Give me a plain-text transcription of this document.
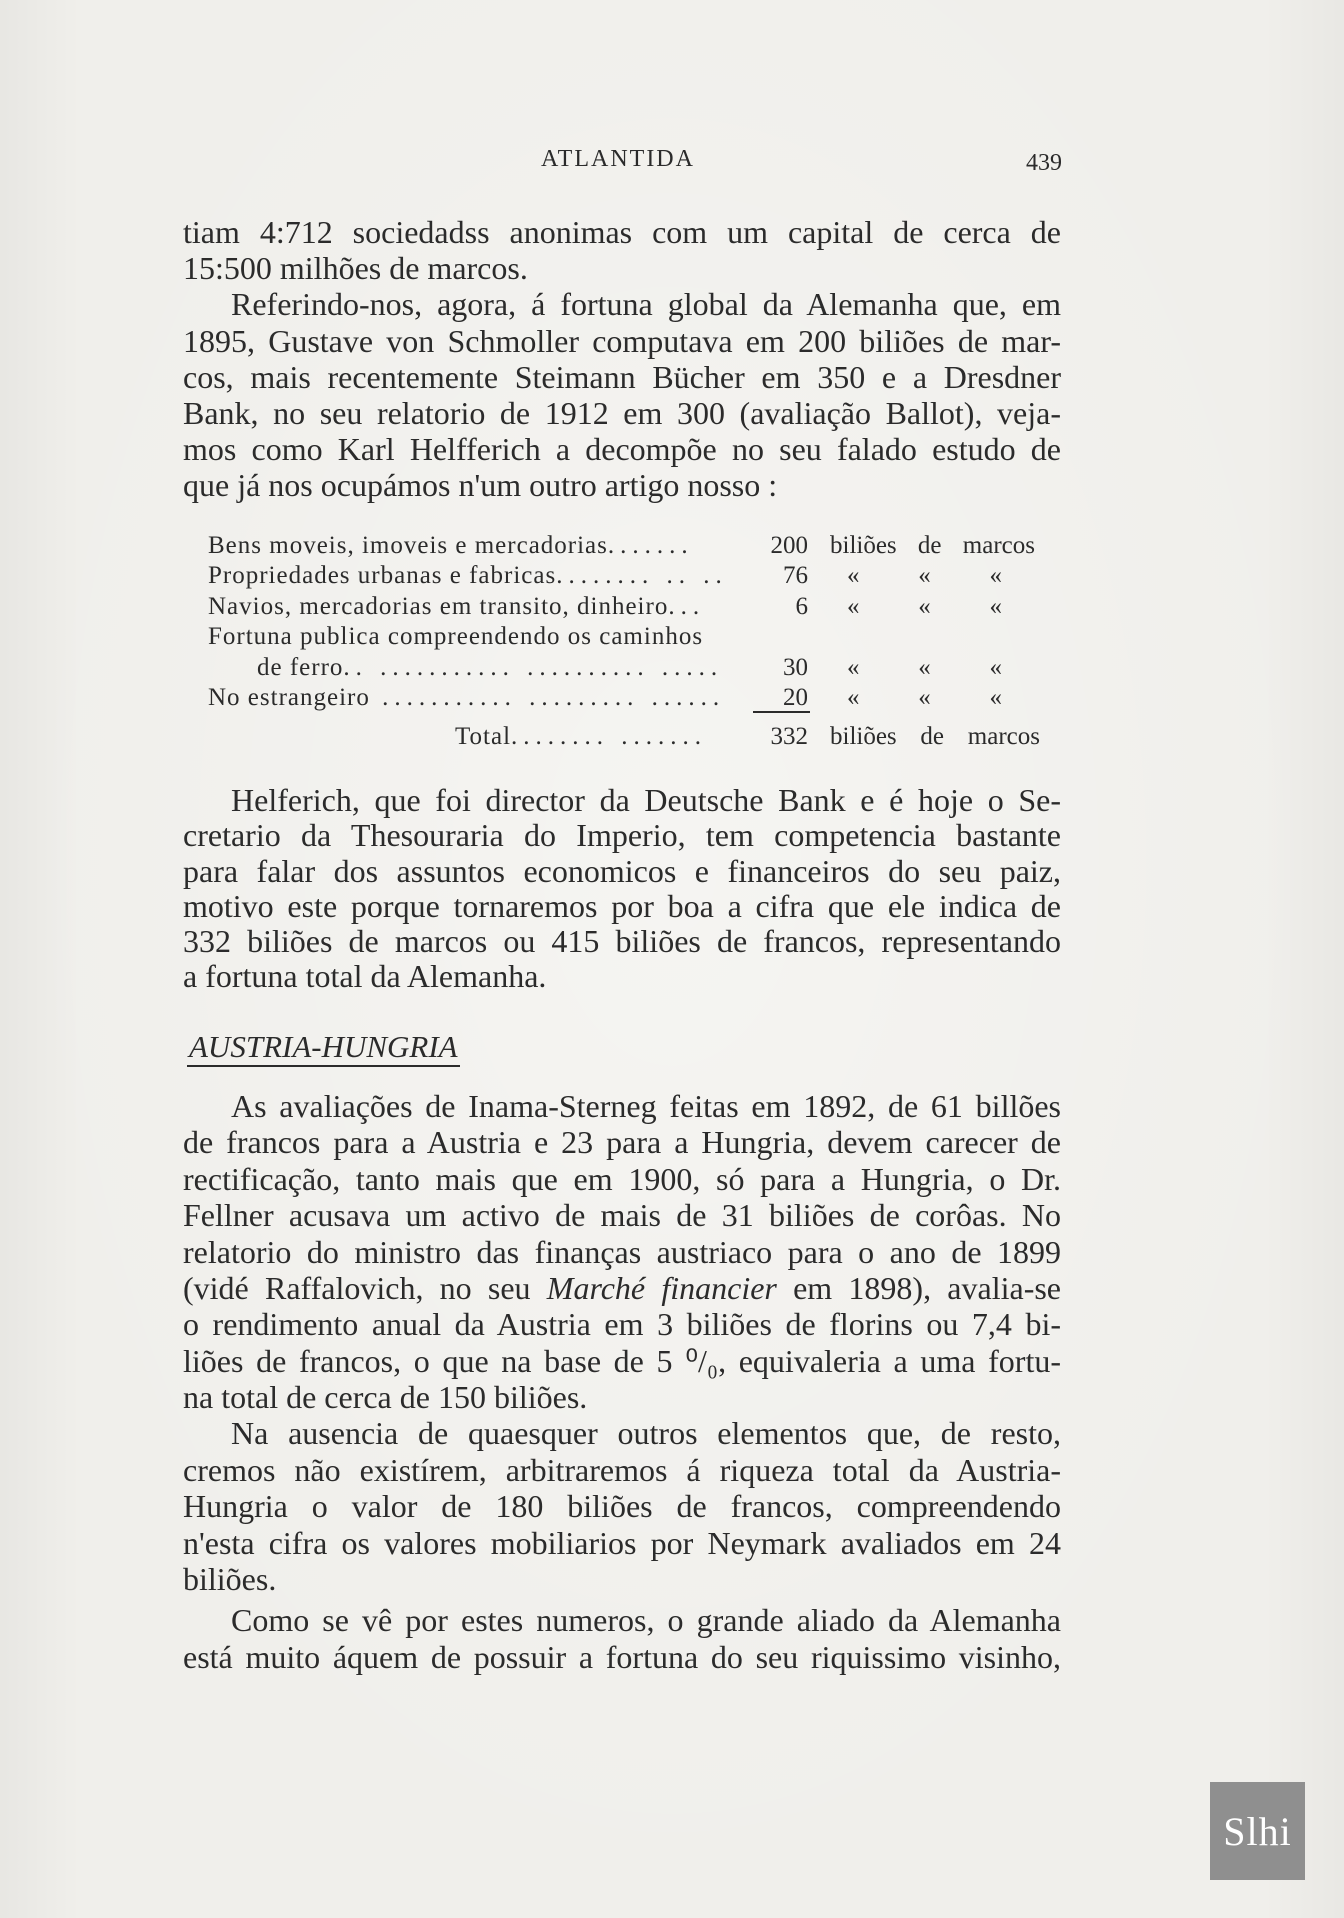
ATLANTIDA	439
tiam 4:712 sociedadss anonimas com um capital de cerca de
15:500 milhões de marcos.
Referindo-nos, agora, á fortuna global da Alemanha que, em
1895, Gustave von Schmoller computava em 200 biliões de mar-
cos, mais recentemente Steimann Bücher em 350 e a Dresdner
Bank, no seu relatorio de 1912 em 300 (avaliação Ballot), veja-
mos como Karl Helfferich a decompõe no seu falado estudo de
que já nos ocupámos n'um outro artigo nosso :
Bens moveis, imoveis e mercadorias.......	200 biliões de marcos
Propriedades urbanas e fabricas........ .. ..	76 « « «
Navios, mercadorias em transito, dinheiro...	6 « « «
Fortuna publica compreendendo os caminhos
de ferro.. ........... .......... .....	30 « « «
No estrangeiro ........... ......... ......	20 « « «
Total........ .......	332 biliões de marcos
Helferich, que foi director da Deutsche Bank e é hoje o Se-
cretario da Thesouraria do Imperio, tem competencia bastante
para falar dos assuntos economicos e financeiros do seu paiz,
motivo este porque tornaremos por boa a cifra que ele indica de
332 biliões de marcos ou 415 biliões de francos, representando
a fortuna total da Alemanha.
AUSTRIA-HUNGRIA
As avaliações de Inama-Sterneg feitas em 1892, de 61 billões
de francos para a Austria e 23 para a Hungria, devem carecer de
rectificação, tanto mais que em 1900, só para a Hungria, o Dr.
Fellner acusava um activo de mais de 31 biliões de corôas. No
relatorio do ministro das finanças austriaco para o ano de 1899
(vidé Raffalovich, no seu Marché financier em 1898), avalia-se
o rendimento anual da Austria em 3 biliões de florins ou 7,4 bi-
liões de francos, o que na base de 5 ⁰/₀, equivaleria a uma fortu-
na total de cerca de 150 biliões.
Na ausencia de quaesquer outros elementos que, de resto,
cremos não existírem, arbitraremos á riqueza total da Austria-
Hungria o valor de 180 biliões de francos, compreendendo
n'esta cifra os valores mobiliarios por Neymark avaliados em 24
biliões.
Como se vê por estes numeros, o grande aliado da Alemanha
está muito áquem de possuir a fortuna do seu riquissimo visinho,
Slhi
